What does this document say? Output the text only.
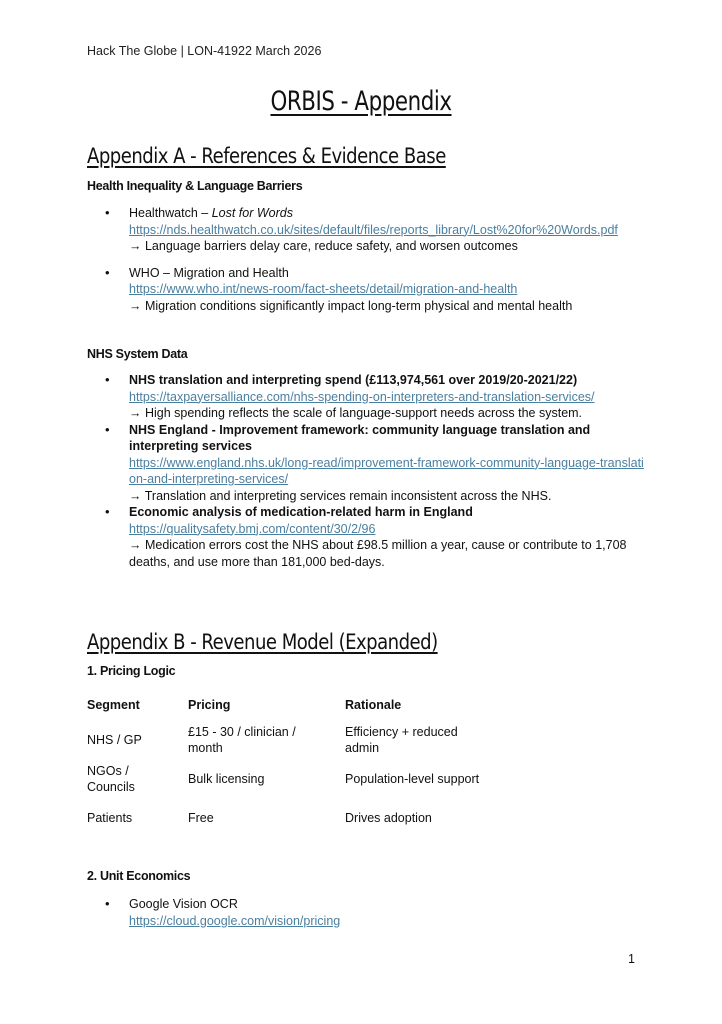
Hack The Globe | LON-41922 March 2026
ORBIS - Appendix
Appendix A - References & Evidence Base
Health Inequality & Language Barriers
• Healthwatch – Lost for Words
https://nds.healthwatch.co.uk/sites/default/files/reports_library/Lost%20for%20Words.pdf
→ Language barriers delay care, reduce safety, and worsen outcomes
• WHO – Migration and Health
https://www.who.int/news-room/fact-sheets/detail/migration-and-health
→ Migration conditions significantly impact long-term physical and mental health
NHS System Data
• NHS translation and interpreting spend (£113,974,561 over 2019/20-2021/22)
https://taxpayersalliance.com/nhs-spending-on-interpreters-and-translation-services/
→ High spending reflects the scale of language-support needs across the system.
• NHS England - Improvement framework: community language translation and interpreting services
https://www.england.nhs.uk/long-read/improvement-framework-community-language-translation-and-interpreting-services/
→ Translation and interpreting services remain inconsistent across the NHS.
• Economic analysis of medication-related harm in England
https://qualitysafety.bmj.com/content/30/2/96
→ Medication errors cost the NHS about £98.5 million a year, cause or contribute to 1,708 deaths, and use more than 181,000 bed-days.
Appendix B - Revenue Model (Expanded)
1. Pricing Logic
Segment	Pricing	Rationale
NHS / GP	£15 - 30 / clinician / month	Efficiency + reduced admin
NGOs / Councils	Bulk licensing	Population-level support
Patients	Free	Drives adoption
2. Unit Economics
• Google Vision OCR
https://cloud.google.com/vision/pricing
1
